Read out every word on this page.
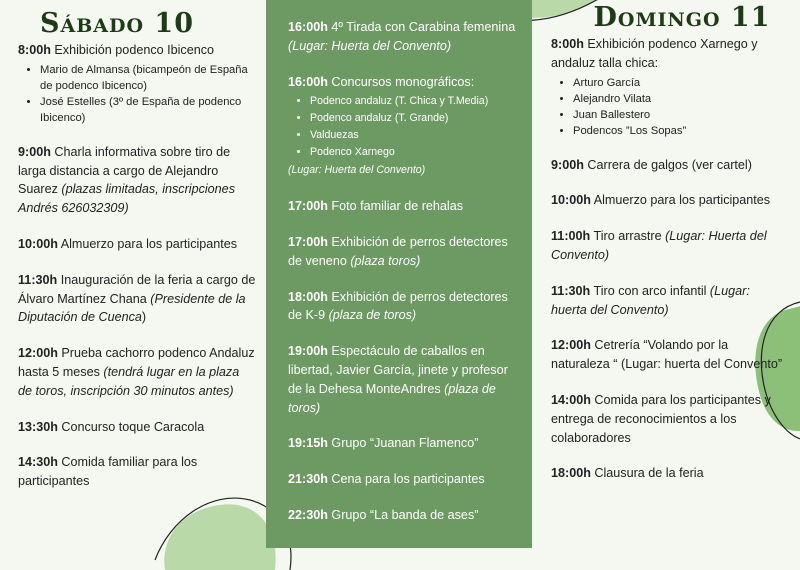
Sábado 10
8:00h Exhibición podenco Ibicenco
• Mario de Almansa (bicampeón de España de podenco Ibicenco)
• José Estelles (3º de España de podenco Ibicenco)
9:00h Charla informativa sobre tiro de larga distancia a cargo de Alejandro Suarez (plazas limitadas, inscripciones Andrés 626032309)
10:00h Almuerzo para los participantes
11:30h Inauguración de la feria a cargo de Álvaro Martínez Chana (Presidente de la Diputación de Cuenca)
12:00h Prueba cachorro podenco Andaluz hasta 5 meses (tendrá lugar en la plaza de toros, inscripción 30 minutos antes)
13:30h Concurso toque Caracola
14:30h Comida familiar para los participantes
16:00h 4º Tirada con Carabina femenina (Lugar: Huerta del Convento)
16:00h Concursos monográficos:
• Podenco andaluz (T. Chica y T.Media)
• Podenco andaluz (T. Grande)
• Valduezas
• Podenco Xarnego
(Lugar: Huerta del Convento)
17:00h Foto familiar de rehalas
17:00h Exhibición de perros detectores de veneno (plaza toros)
18:00h Exhibición de perros detectores de K-9 (plaza de toros)
19:00h Espectáculo de caballos en libertad, Javier García, jinete y profesor de la Dehesa MonteAndres (plaza de toros)
19:15h Grupo “Juanan Flamenco”
21:30h Cena para los participantes
22:30h Grupo “La banda de ases”
Domingo 11
8:00h Exhibición podenco Xarnego y andaluz talla chica:
• Arturo García
• Alejandro Vilata
• Juan Ballestero
• Podencos ”Los Sopas”
9:00h Carrera de galgos (ver cartel)
10:00h Almuerzo para los participantes
11:00h Tiro arrastre (Lugar: Huerta del Convento)
11:30h Tiro con arco infantil (Lugar: huerta del Convento)
12:00h Cetrería “Volando por la naturaleza “ (Lugar: huerta del Convento”
14:00h Comida para los participantes y entrega de reconocimientos a los colaboradores
18:00h Clausura de la feria
